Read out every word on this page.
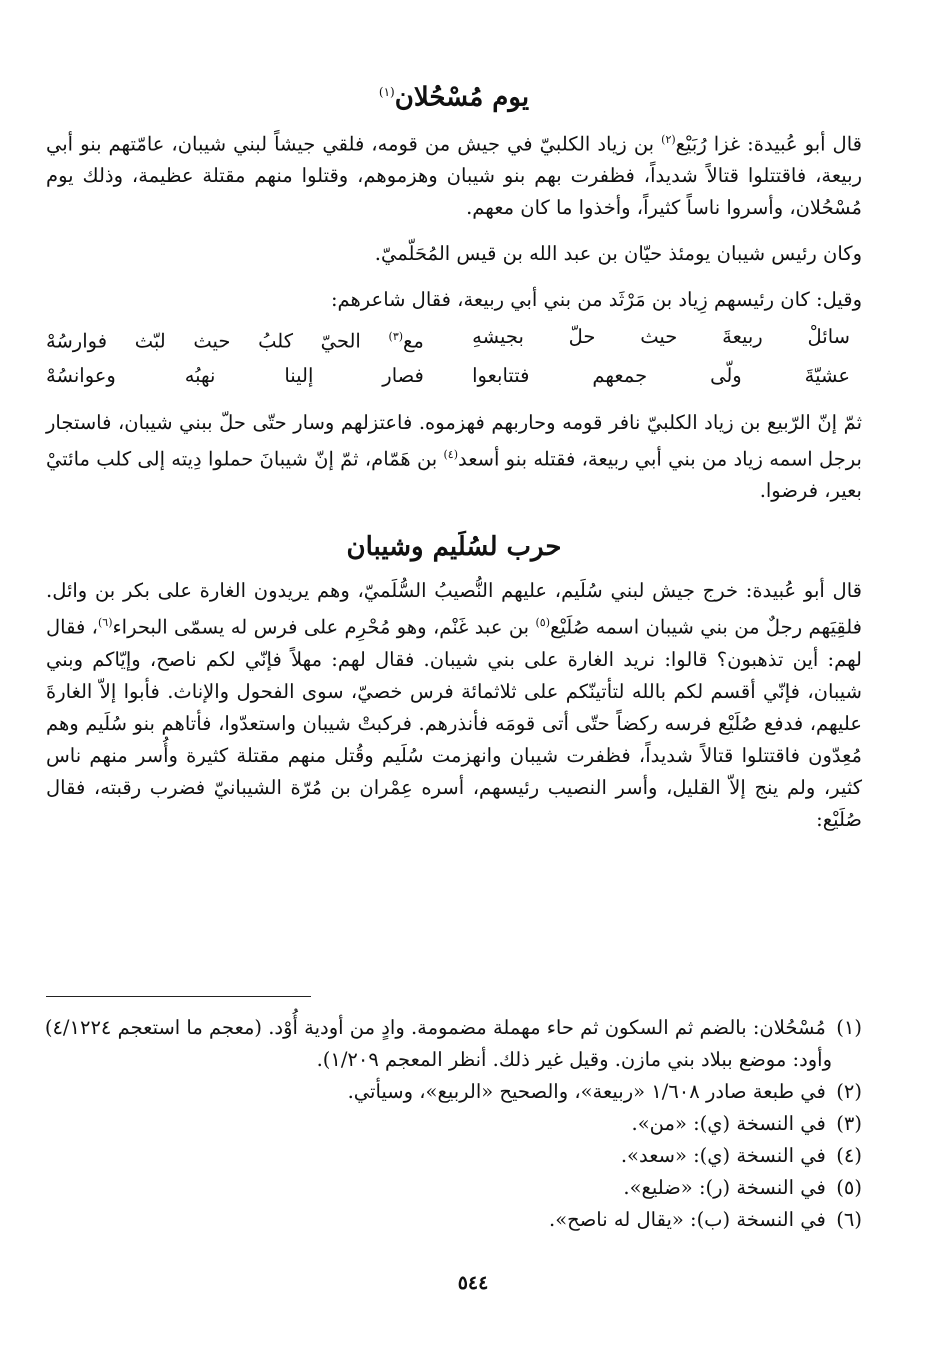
يوم مُسْحُلان$^{(١)}$

قال أبو عُبيدة: غزا رُبَيْع$^{(٢)}$ بن زياد الكلبيّ في جيش من قومه، فلقي جيشاً لبني شيبان، عامّتهم بنو أبي ربيعة، فاقتتلوا قتالاً شديداً، فظفرت بهم بنو شيبان وهزموهم، وقتلوا منهم مقتلة عظيمة، وذلك يوم مُسْحُلان، وأسروا ناساً كثيراً، وأخذوا ما كان معهم.

وكان رئيس شيبان يومئذ حيّان بن عبد الله بن قيس المُحَلّميّ.

وقيل: كان رئيسهم زِياد بن مَرْثَد من بني أبي ربيعة، فقال شاعرهم:

سائلْ ربيعةَ حيث حلّ بجيشهِ
مع$^{(٣)}$ الحيّ كلبُ حيث لبّث فوارسُهْ
عشيّةَ ولّى جمعهم فتتابعوا
فصار إلينا نهبُه وعوانسُهْ

ثمّ إنّ الرّبيع بن زياد الكلبيّ نافر قومه وحاربهم فهزموه. فاعتزلهم وسار حتّى حلّ ببني شيبان، فاستجار برجل اسمه زياد من بني أبي ربيعة، فقتله بنو أسعد$^{(٤)}$ بن هَمّام، ثمّ إنّ شيبانَ حملوا دِيته إلى كلب مائتيْ بعير، فرضوا.

حرب لسُلَيم وشيبان

قال أبو عُبيدة: خرج جيش لبني سُلَيم، عليهم النُّصيبُ السُّلَميّ، وهم يريدون الغارة على بكر بن وائل. فلقِيَهم رجلٌ من بني شيبان اسمه صُلَيْع$^{(٥)}$ بن عبد غَنْم، وهو مُحْرِم على فرس له يسمّى البحراء$^{(٦)}$، فقال لهم: أين تذهبون؟ قالوا: نريد الغارة على بني شيبان. فقال لهم: مهلاً فإنّي لكم ناصح، وإيّاكم وبني شيبان، فإنّي أقسم لكم بالله لتأتينّكم على ثلاثمائة فرس خصيّ، سوى الفحول والإناث. فأبوا إلاّ الغارةَ عليهم، فدفع صُلَيْع فرسه ركضاً حتّى أتى قومَه فأنذرهم. فركبتْ شيبان واستعدّوا، فأتاهم بنو سُلَيم وهم مُعِدّون فاقتتلوا قتالاً شديداً، فظفرت شيبان وانهزمت سُلَيم وقُتل منهم مقتلة كثيرة وأُسر منهم ناس كثير، ولم ينج إلاّ القليل، وأسر النصيب رئيسهم، أسره عِمْران بن مُرّة الشيبانيّ فضرب رقبته، فقال صُلَيْع:

(١) مُسْحُلان: بالضم ثم السكون ثم حاء مهملة مضمومة. وادٍ من أودية أُوْد. (معجم ما استعجم ٤/١٢٢٤)

وأود: موضع ببلاد بني مازن. وقيل غير ذلك. أنظر المعجم ١/٢٠٩).

(٢) في طبعة صادر ١/٦٠٨ «ربيعة»، والصحيح «الربيع»، وسيأتي.

(٣) في النسخة (ي): «من».

(٤) في النسخة (ي): «سعد».

(٥) في النسخة (ر): «ضليع».

(٦) في النسخة (ب): «يقال له ناصح».

٥٤٤
